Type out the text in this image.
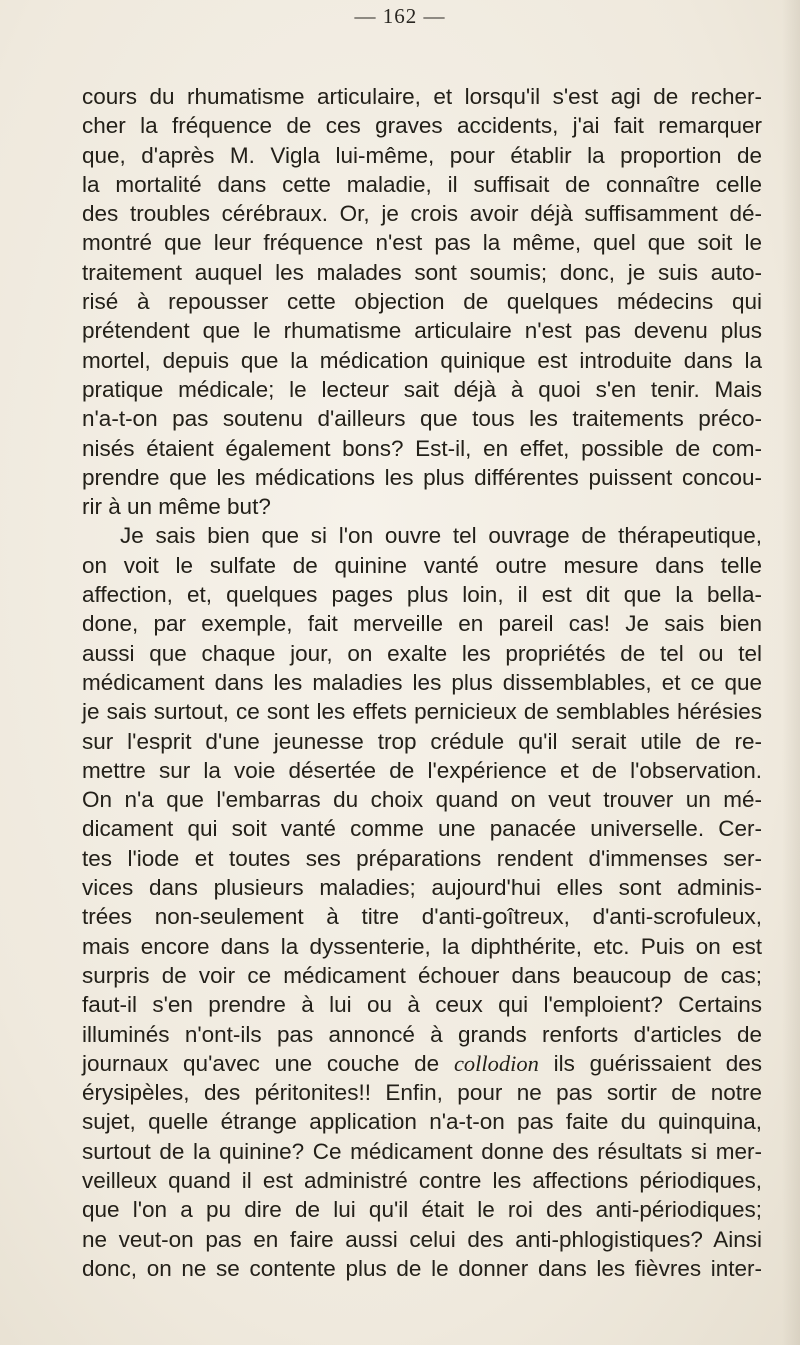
— 162 —
cours du rhumatisme articulaire, et lorsqu'il s'est agi de recher-
cher la fréquence de ces graves accidents, j'ai fait remarquer
que, d'après M. Vigla lui-même, pour établir la proportion de
la mortalité dans cette maladie, il suffisait de connaître celle
des troubles cérébraux. Or, je crois avoir déjà suffisamment dé-
montré que leur fréquence n'est pas la même, quel que soit le
traitement auquel les malades sont soumis; donc, je suis auto-
risé à repousser cette objection de quelques médecins qui
prétendent que le rhumatisme articulaire n'est pas devenu plus
mortel, depuis que la médication quinique est introduite dans la
pratique médicale; le lecteur sait déjà à quoi s'en tenir. Mais
n'a-t-on pas soutenu d'ailleurs que tous les traitements préco-
nisés étaient également bons? Est-il, en effet, possible de com-
prendre que les médications les plus différentes puissent concou-
rir à un même but?
Je sais bien que si l'on ouvre tel ouvrage de thérapeutique,
on voit le sulfate de quinine vanté outre mesure dans telle
affection, et, quelques pages plus loin, il est dit que la bella-
done, par exemple, fait merveille en pareil cas! Je sais bien
aussi que chaque jour, on exalte les propriétés de tel ou tel
médicament dans les maladies les plus dissemblables, et ce que
je sais surtout, ce sont les effets pernicieux de semblables hérésies
sur l'esprit d'une jeunesse trop crédule qu'il serait utile de re-
mettre sur la voie désertée de l'expérience et de l'observation.
On n'a que l'embarras du choix quand on veut trouver un mé-
dicament qui soit vanté comme une panacée universelle. Cer-
tes l'iode et toutes ses préparations rendent d'immenses ser-
vices dans plusieurs maladies; aujourd'hui elles sont adminis-
trées non-seulement à titre d'anti-goîtreux, d'anti-scrofuleux,
mais encore dans la dyssenterie, la diphthérite, etc. Puis on est
surpris de voir ce médicament échouer dans beaucoup de cas;
faut-il s'en prendre à lui ou à ceux qui l'emploient? Certains
illuminés n'ont-ils pas annoncé à grands renforts d'articles de
journaux qu'avec une couche de collodion ils guérissaient des
érysipèles, des péritonites!! Enfin, pour ne pas sortir de notre
sujet, quelle étrange application n'a-t-on pas faite du quinquina,
surtout de la quinine? Ce médicament donne des résultats si mer-
veilleux quand il est administré contre les affections périodiques,
que l'on a pu dire de lui qu'il était le roi des anti-périodiques;
ne veut-on pas en faire aussi celui des anti-phlogistiques? Ainsi
donc, on ne se contente plus de le donner dans les fièvres inter-
